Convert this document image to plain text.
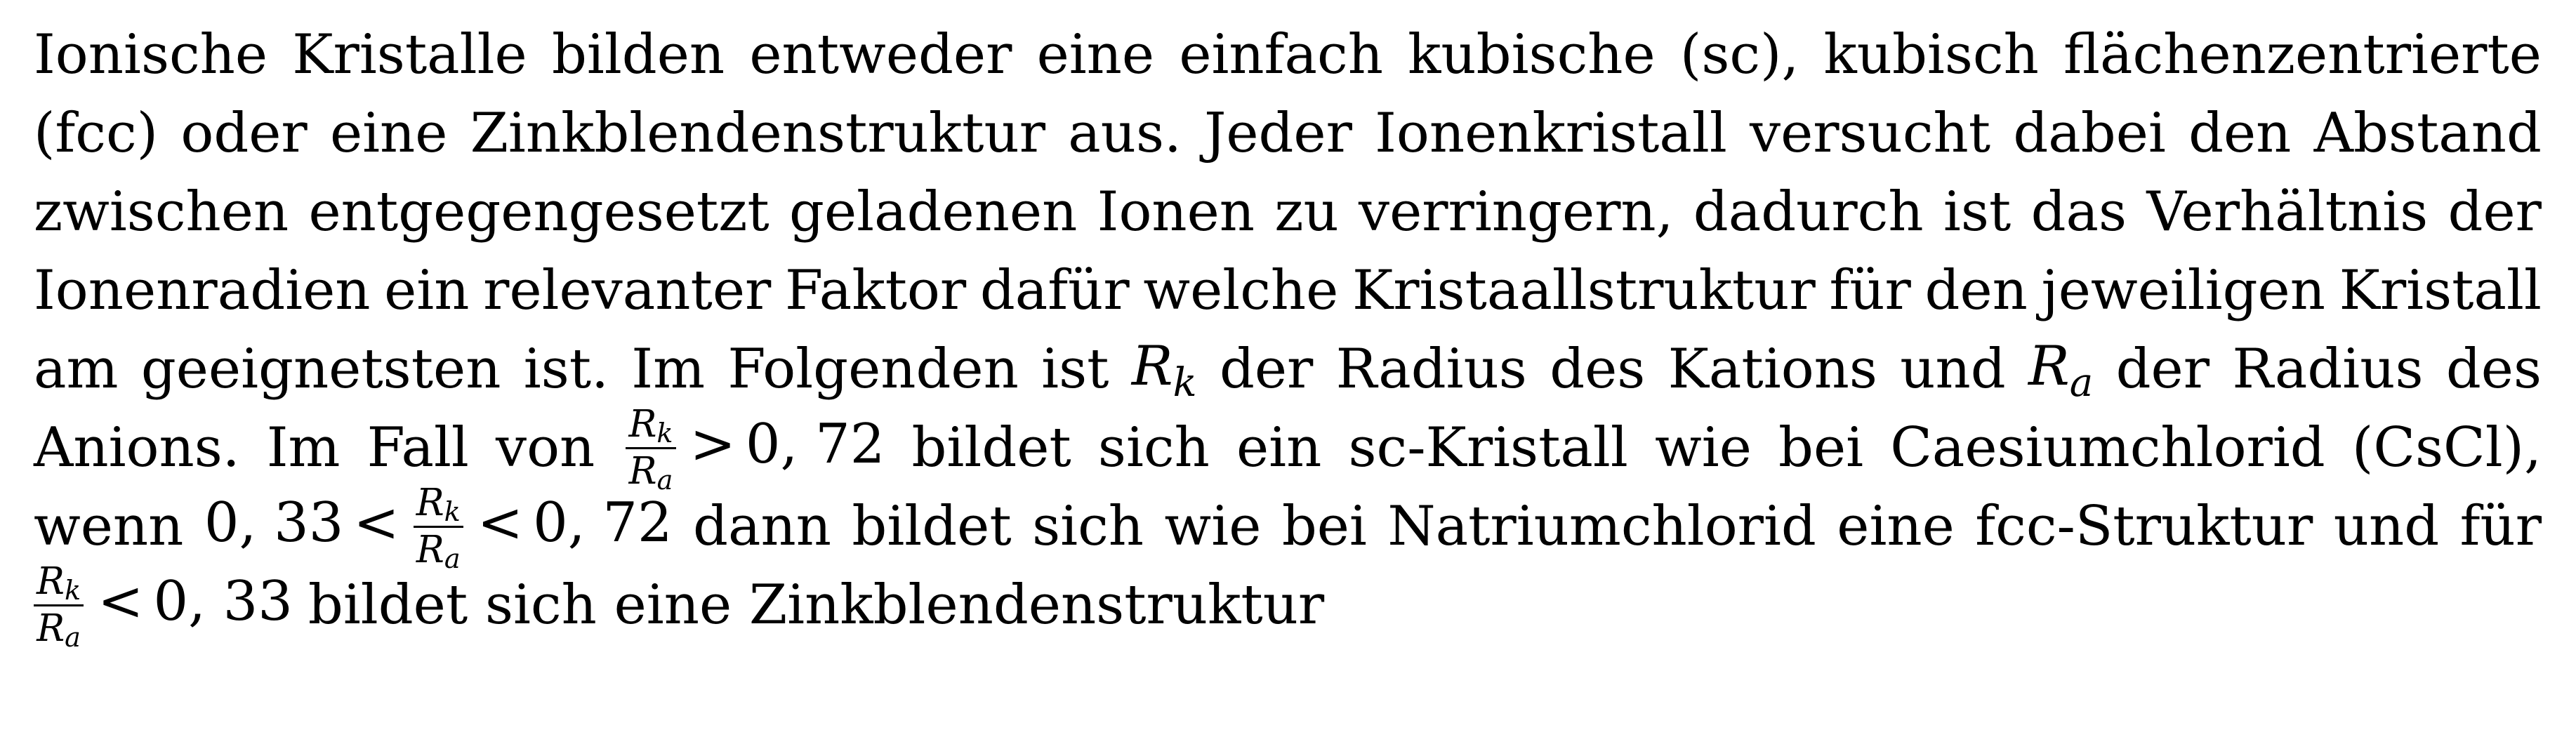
Ionische Kristalle bilden entweder eine einfach kubische (sc), kubisch flächenzentrierte
(fcc) oder eine Zinkblendenstruktur aus. Jeder Ionenkristall versucht dabei den Abstand
zwischen entgegengesetzt geladenen Ionen zu verringern, dadurch ist das Verhältnis der
Ionenradien ein relevanter Faktor dafür welche Kristaallstruktur für den jeweiligen Kristall
am geeignetsten ist. Im Folgenden ist $R_k$ der Radius des Kations und $R_a$ der Radius des
Anions. Im Fall von $\frac{Rk}{Ra} > 0$, 72 bildet sich ein sc-Kristall wie bei Caesiumchlorid (CsCl),
wenn 0, $33 < \frac{Rk}{Ra} < 0$, 72 dann bildet sich wie bei Natriumchlorid eine fcc-Struktur und für
$\frac{Rk}{Ra} < 0$, 33 bildet sich eine Zinkblendenstruktur
